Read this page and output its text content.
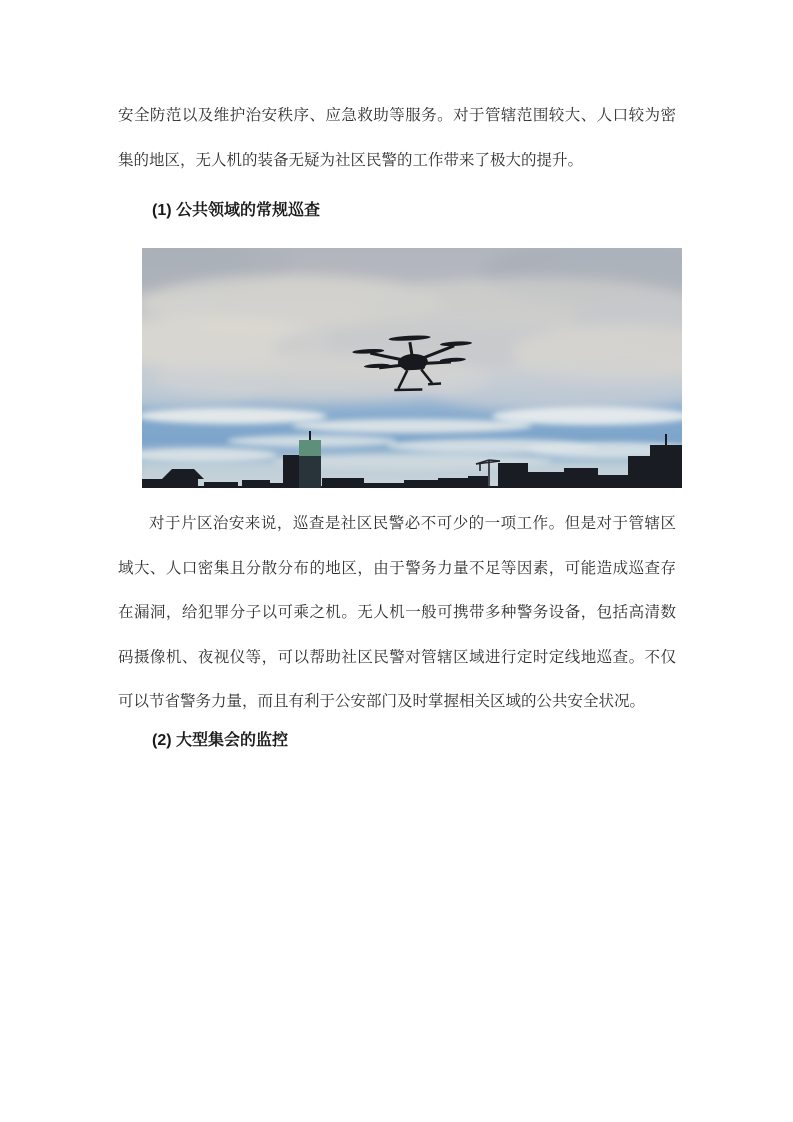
安全防范以及维护治安秩序、应急救助等服务。对于管辖范围较大、人口较为密
集的地区，无人机的装备无疑为社区民警的工作带来了极大的提升。
(1) 公共领域的常规巡查
对于片区治安来说，巡查是社区民警必不可少的一项工作。但是对于管辖区
域大、人口密集且分散分布的地区，由于警务力量不足等因素，可能造成巡查存
在漏洞，给犯罪分子以可乘之机。无人机一般可携带多种警务设备，包括高清数
码摄像机、夜视仪等，可以帮助社区民警对管辖区域进行定时定线地巡查。不仅
可以节省警务力量，而且有利于公安部门及时掌握相关区域的公共安全状况。
(2) 大型集会的监控
